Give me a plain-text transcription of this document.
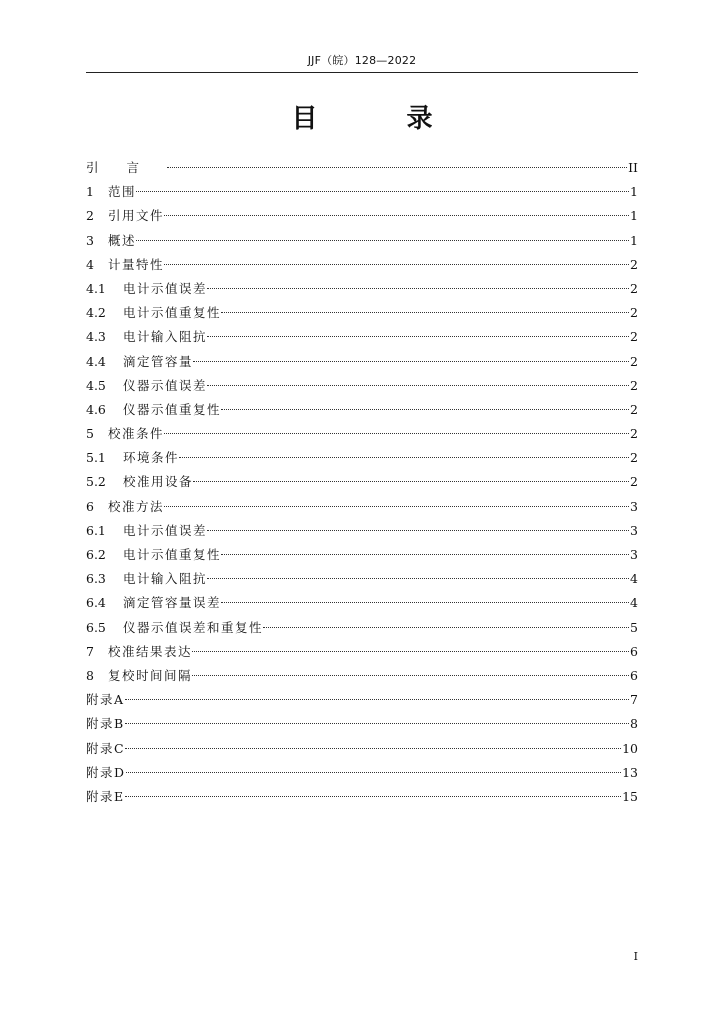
JJF（皖）128—2022
目 录
引言	II
1	范围	1
2	引用文件	1
3	概述	1
4	计量特性	2
4.1	电计示值误差	2
4.2	电计示值重复性	2
4.3	电计输入阻抗	2
4.4	滴定管容量	2
4.5	仪器示值误差	2
4.6	仪器示值重复性	2
5	校准条件	2
5.1	环境条件	2
5.2	校准用设备	2
6	校准方法	3
6.1	电计示值误差	3
6.2	电计示值重复性	3
6.3	电计输入阻抗	4
6.4	滴定管容量误差	4
6.5	仪器示值误差和重复性	5
7	校准结果表达	6
8	复校时间间隔	6
附录A	7
附录B	8
附录C	10
附录D	13
附录E	15
I
